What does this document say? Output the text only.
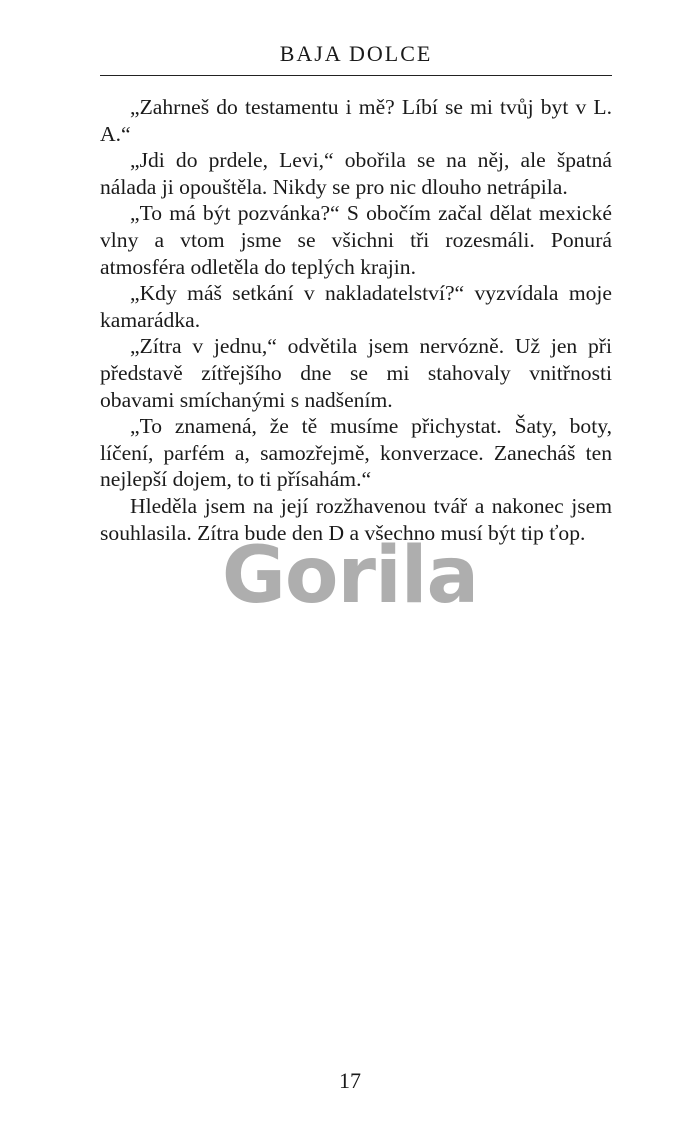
BAJA DOLCE

„Zahrneš do testamentu i mě? Líbí se mi tvůj byt v L. A.“

„Jdi do prdele, Levi,“ obořila se na něj, ale špatná nálada ji opouštěla. Nikdy se pro nic dlouho netrápila.

„To má být pozvánka?“ S obočím začal dělat mexické vlny a vtom jsme se všichni tři rozesmáli. Ponurá atmosféra odletěla do teplých krajin.

„Kdy máš setkání v nakladatelství?“ vyzvídala moje kamarádka.

„Zítra v jednu,“ odvětila jsem nervózně. Už jen při představě zítřejšího dne se mi stahovaly vnitřnosti obavami smíchanými s nadšením.

„To znamená, že tě musíme přichystat. Šaty, boty, líčení, parfém a, samozřejmě, konverzace. Zanecháš ten nejlepší dojem, to ti přísahám.“

Hleděla jsem na její rozžhavenou tvář a nakonec jsem souhlasila. Zítra bude den D a všechno musí být tip ťop.

Gorila
17
